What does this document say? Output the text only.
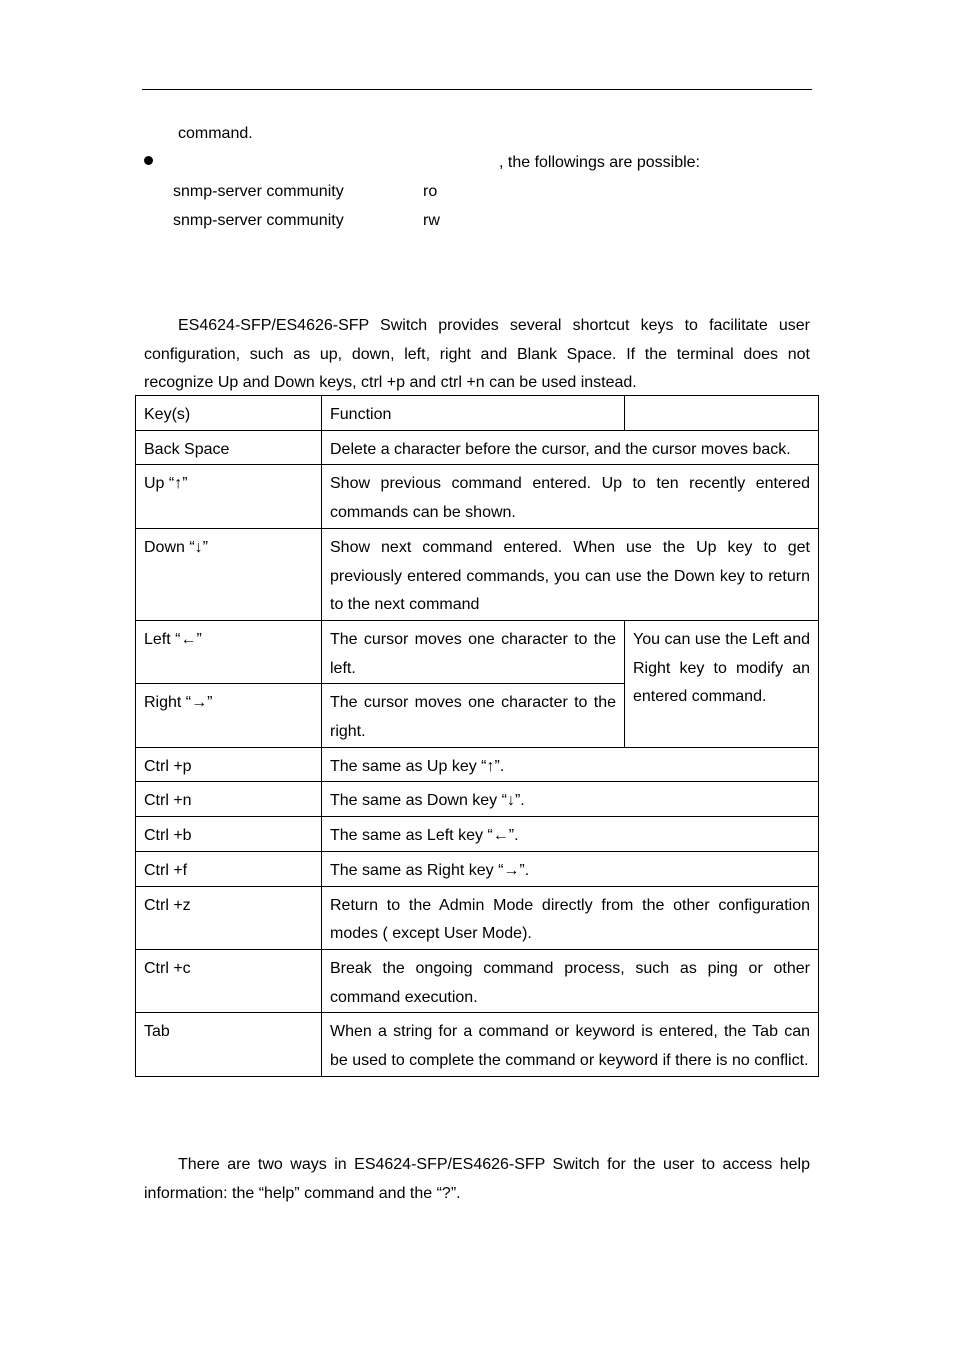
command.
, the followings are possible:
snmp-server community	ro
snmp-server community	rw
ES4624-SFP/ES4626-SFP Switch provides several shortcut keys to facilitate user configuration, such as up, down, left, right and Blank Space. If the terminal does not recognize Up and Down keys, ctrl +p and ctrl +n can be used instead.
Key(s)	Function	
Back Space	Delete a character before the cursor, and the cursor moves back.	
Up “↑”	Show previous command entered. Up to ten recently entered commands can be shown.	
Down “↓”	Show next command entered. When use the Up key to get previously entered commands, you can use the Down key to return to the next command	
Left “←”	The cursor moves one character to the left.	You can use the Left and Right key to modify an entered command.
Right “→”	The cursor moves one character to the right.	
Ctrl +p	The same as Up key “↑”.	
Ctrl +n	The same as Down key “↓”.	
Ctrl +b	The same as Left key “←”.	
Ctrl +f	The same as Right key “→”.	
Ctrl +z	Return to the Admin Mode directly from the other configuration modes ( except User Mode).	
Ctrl +c	Break the ongoing command process, such as ping or other command execution.	
Tab	When a string for a command or keyword is entered, the Tab can be used to complete the command or keyword if there is no conflict.	
There are two ways in ES4624-SFP/ES4626-SFP Switch for the user to access help information: the “help” command and the “?”.
